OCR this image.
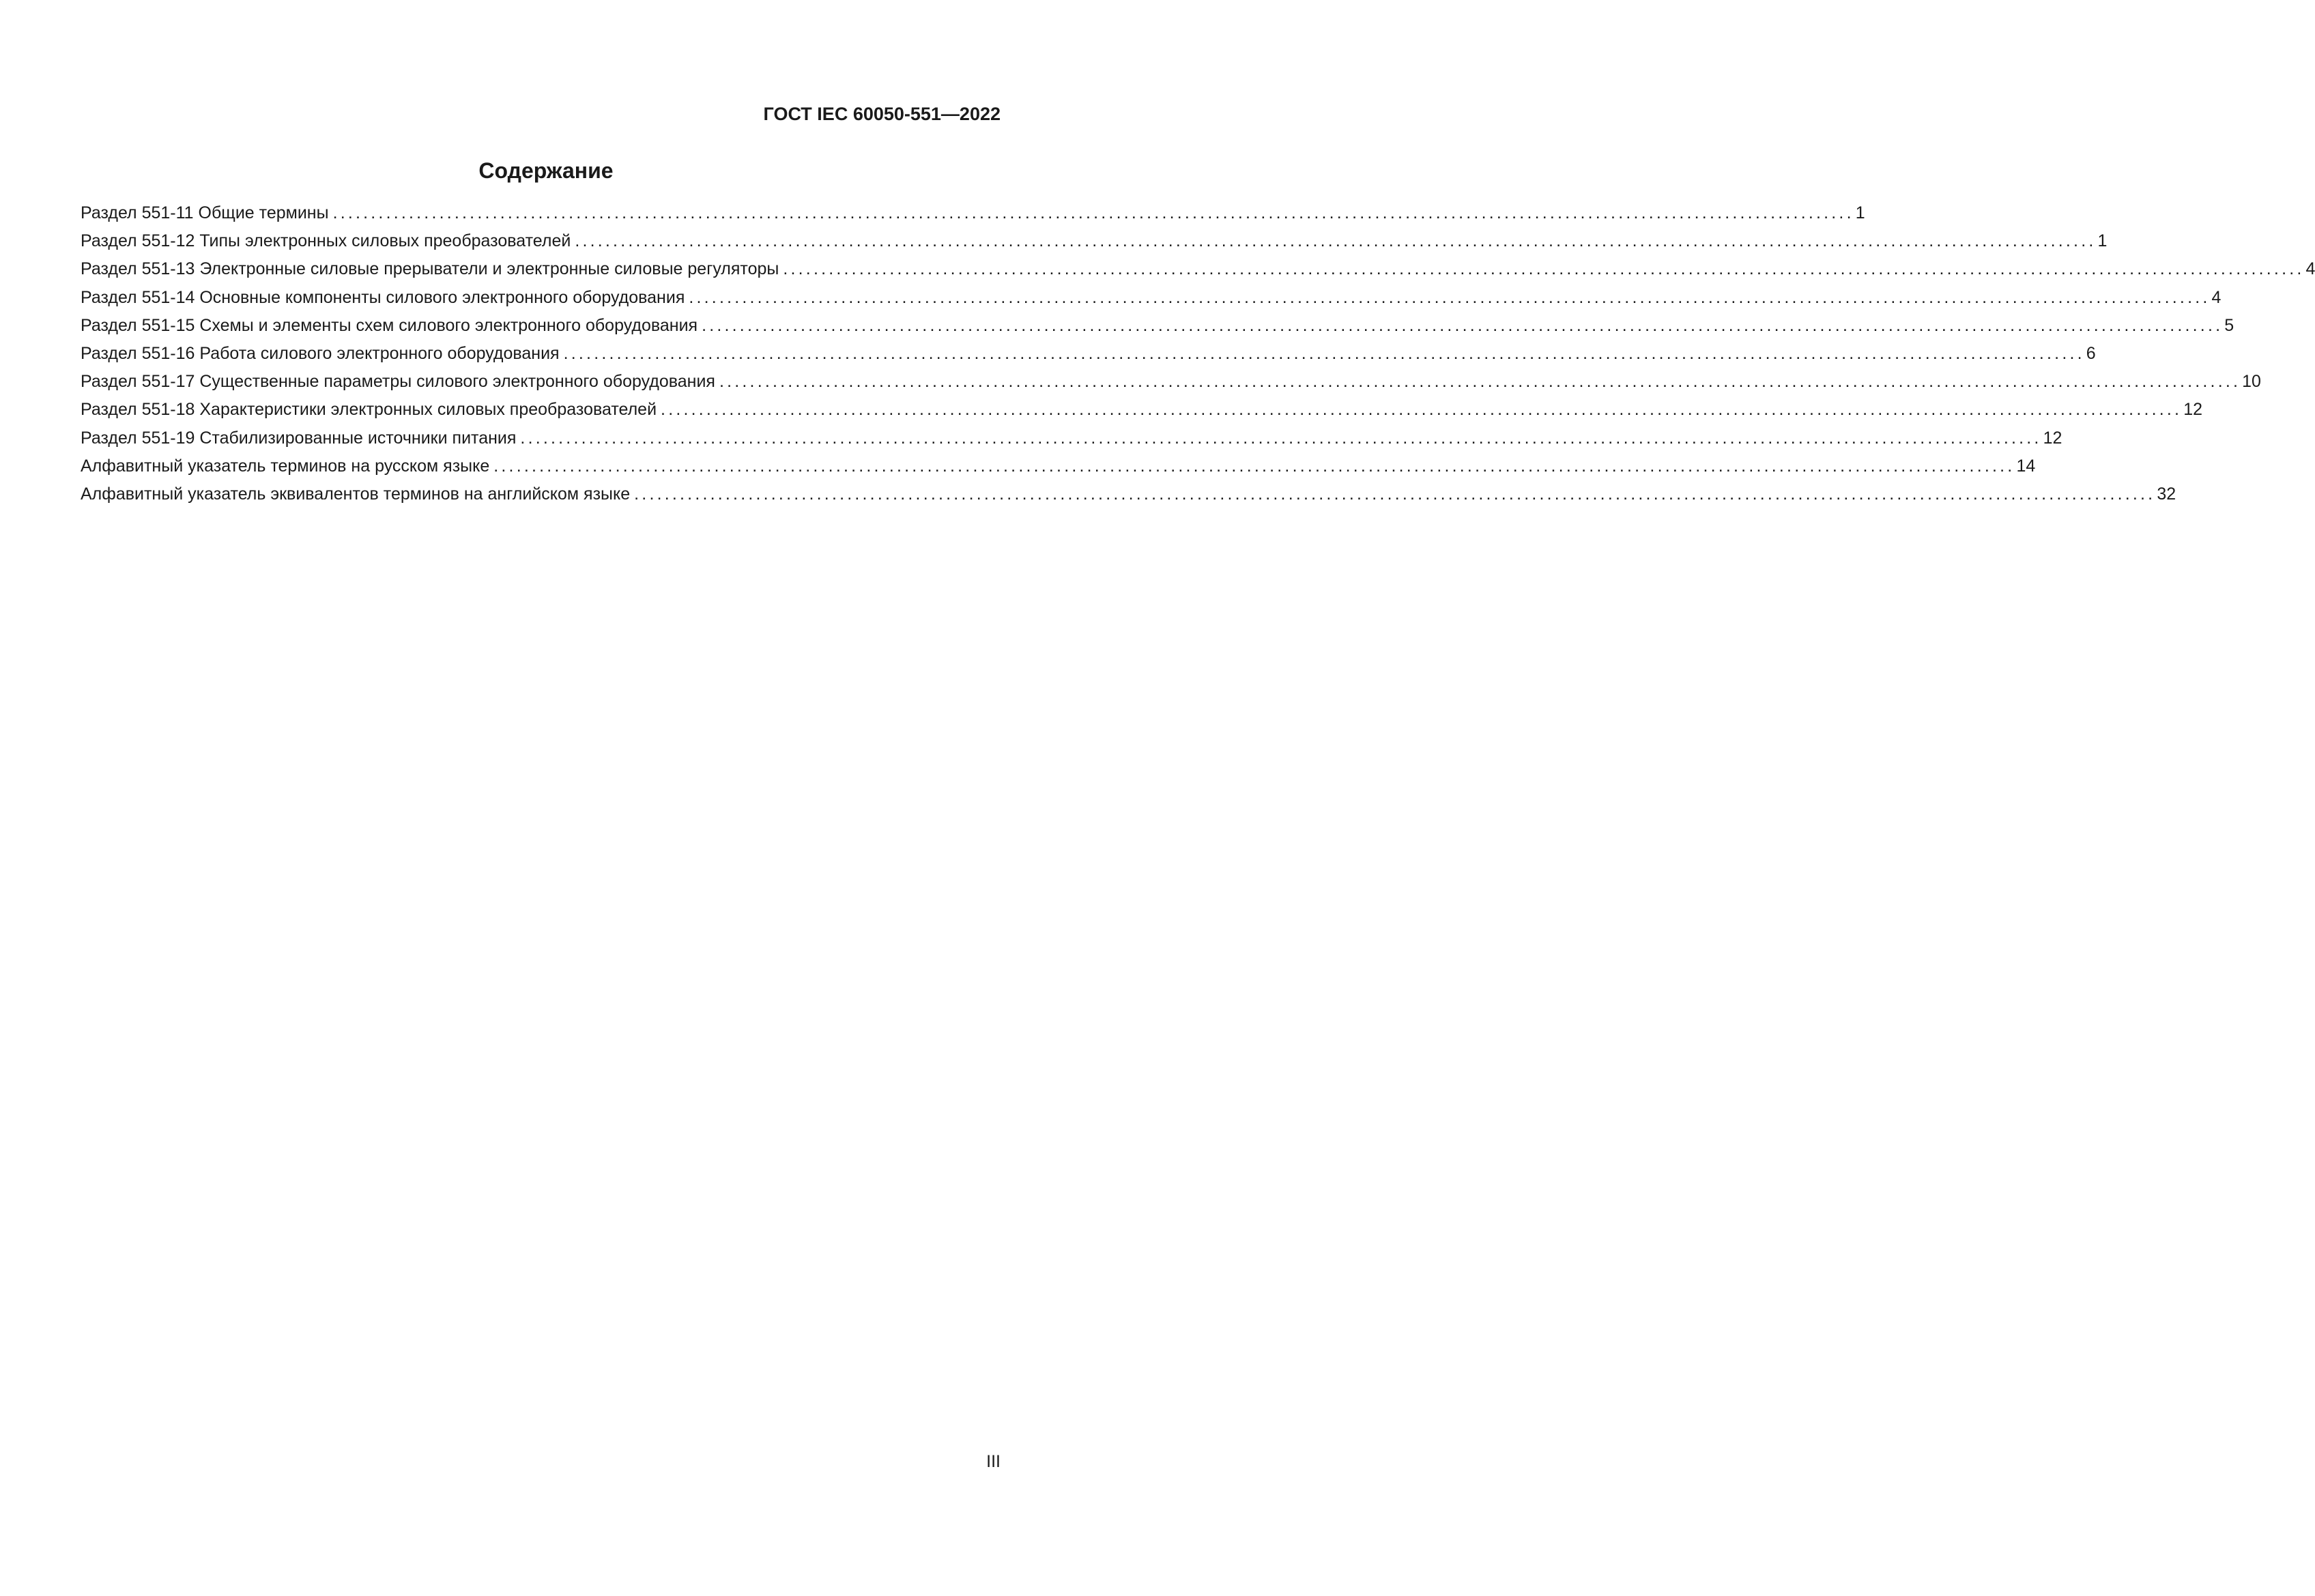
ГОСТ IEC 60050-551—2022
Содержание
Раздел 551-11 Общие термины ........................................................................................................................................................................................................ 1
Раздел 551-12 Типы электронных силовых преобразователей ........................................................................................................................................................................................................ 1
Раздел 551-13 Электронные силовые прерыватели и электронные силовые регуляторы ........................................................................................................................................................................................................ 4
Раздел 551-14 Основные компоненты силового электронного оборудования ........................................................................................................................................................................................................ 4
Раздел 551-15 Схемы и элементы схем силового электронного оборудования ........................................................................................................................................................................................................ 5
Раздел 551-16 Работа силового электронного оборудования ........................................................................................................................................................................................................ 6
Раздел 551-17 Существенные параметры силового электронного оборудования ........................................................................................................................................................................................................ 10
Раздел 551-18 Характеристики электронных силовых преобразователей ........................................................................................................................................................................................................ 12
Раздел 551-19 Стабилизированные источники питания ........................................................................................................................................................................................................ 12
Алфавитный указатель терминов на русском языке ........................................................................................................................................................................................................ 14
Алфавитный указатель эквивалентов терминов на английском языке ........................................................................................................................................................................................................ 32
III
